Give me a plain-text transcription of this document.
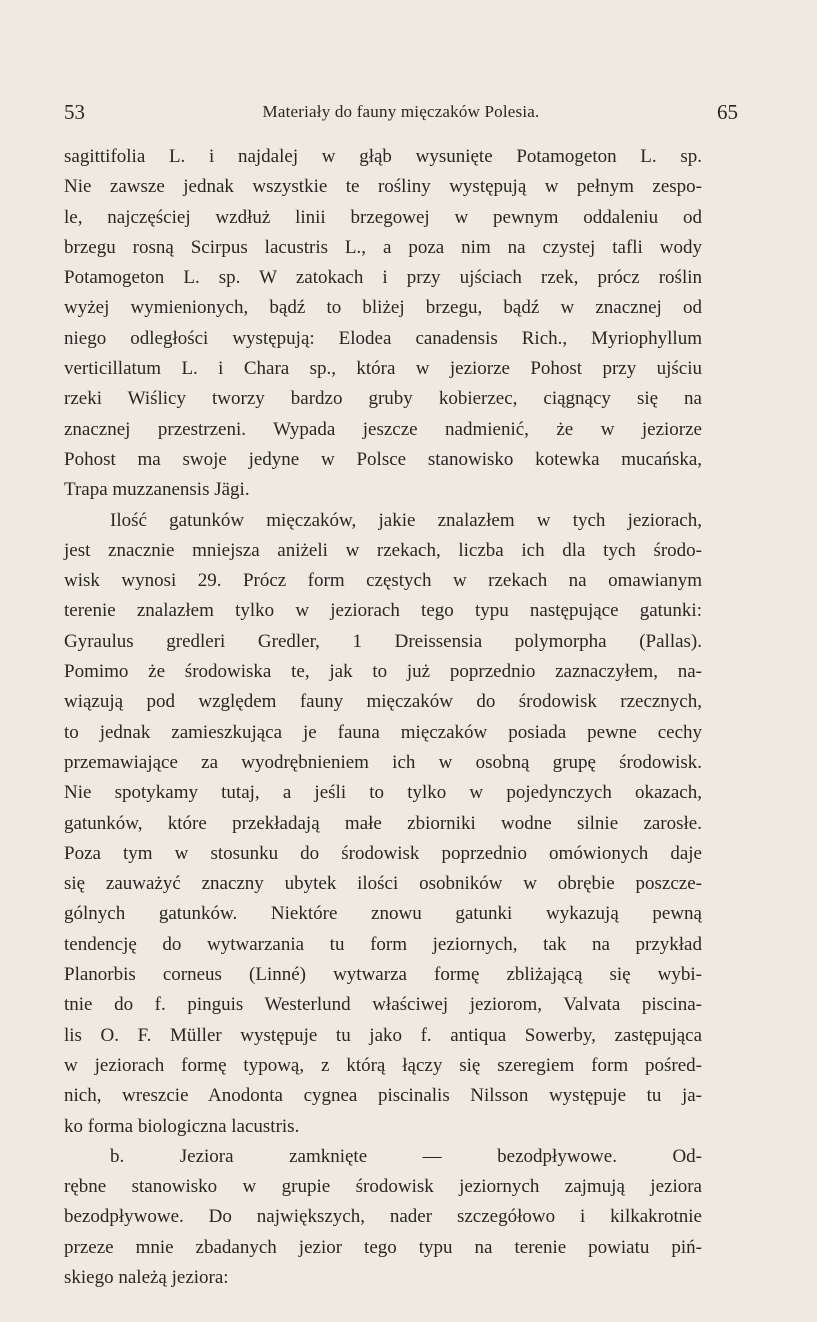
53	Materiały do fauny mięczaków Polesia.	65
sagittifolia L. i najdalej w głąb wysunięte Potamogeton L. sp.
Nie zawsze jednak wszystkie te rośliny występują w pełnym zespo-
le, najczęściej wzdłuż linii brzegowej w pewnym oddaleniu od
brzegu rosną Scirpus lacustris L., a poza nim na czystej tafli wody
Potamogeton L. sp. W zatokach i przy ujściach rzek, prócz roślin
wyżej wymienionych, bądź to bliżej brzegu, bądź w znacznej od
niego odległości występują: Elodea canadensis Rich., Myriophyllum
verticillatum L. i Chara sp., która w jeziorze Pohost przy ujściu
rzeki Wiślicy tworzy bardzo gruby kobierzec, ciągnący się na
znacznej przestrzeni. Wypada jeszcze nadmienić, że w jeziorze
Pohost ma swoje jedyne w Polsce stanowisko kotewka mucańska,
Trapa muzzanensis Jägi.
Ilość gatunków mięczaków, jakie znalazłem w tych jeziorach,
jest znacznie mniejsza aniżeli w rzekach, liczba ich dla tych środo-
wisk wynosi 29. Prócz form częstych w rzekach na omawianym
terenie znalazłem tylko w jeziorach tego typu następujące gatunki:
Gyraulus gredleri Gredler, 1 Dreissensia polymorpha (Pallas).
Pomimo że środowiska te, jak to już poprzednio zaznaczyłem, na-
wiązują pod względem fauny mięczaków do środowisk rzecznych,
to jednak zamieszkująca je fauna mięczaków posiada pewne cechy
przemawiające za wyodrębnieniem ich w osobną grupę środowisk.
Nie spotykamy tutaj, a jeśli to tylko w pojedynczych okazach,
gatunków, które przekładają małe zbiorniki wodne silnie zarosłe.
Poza tym w stosunku do środowisk poprzednio omówionych daje
się zauważyć znaczny ubytek ilości osobników w obrębie poszcze-
gólnych gatunków. Niektóre znowu gatunki wykazują pewną
tendencję do wytwarzania tu form jeziornych, tak na przykład
Planorbis corneus (Linné) wytwarza formę zbliżającą się wybi-
tnie do f. pinguis Westerlund właściwej jeziorom, Valvata piscina-
lis O. F. Müller występuje tu jako f. antiqua Sowerby, zastępująca
w jeziorach formę typową, z którą łączy się szeregiem form pośred-
nich, wreszcie Anodonta cygnea piscinalis Nilsson występuje tu ja-
ko forma biologiczna lacustris.
b. Jeziora zamknięte — bezodpływowe. Od-
rębne stanowisko w grupie środowisk jeziornych zajmują jeziora
bezodpływowe. Do największych, nader szczegółowo i kilkakrotnie
przeze mnie zbadanych jezior tego typu na terenie powiatu piń-
skiego należą jeziora:
